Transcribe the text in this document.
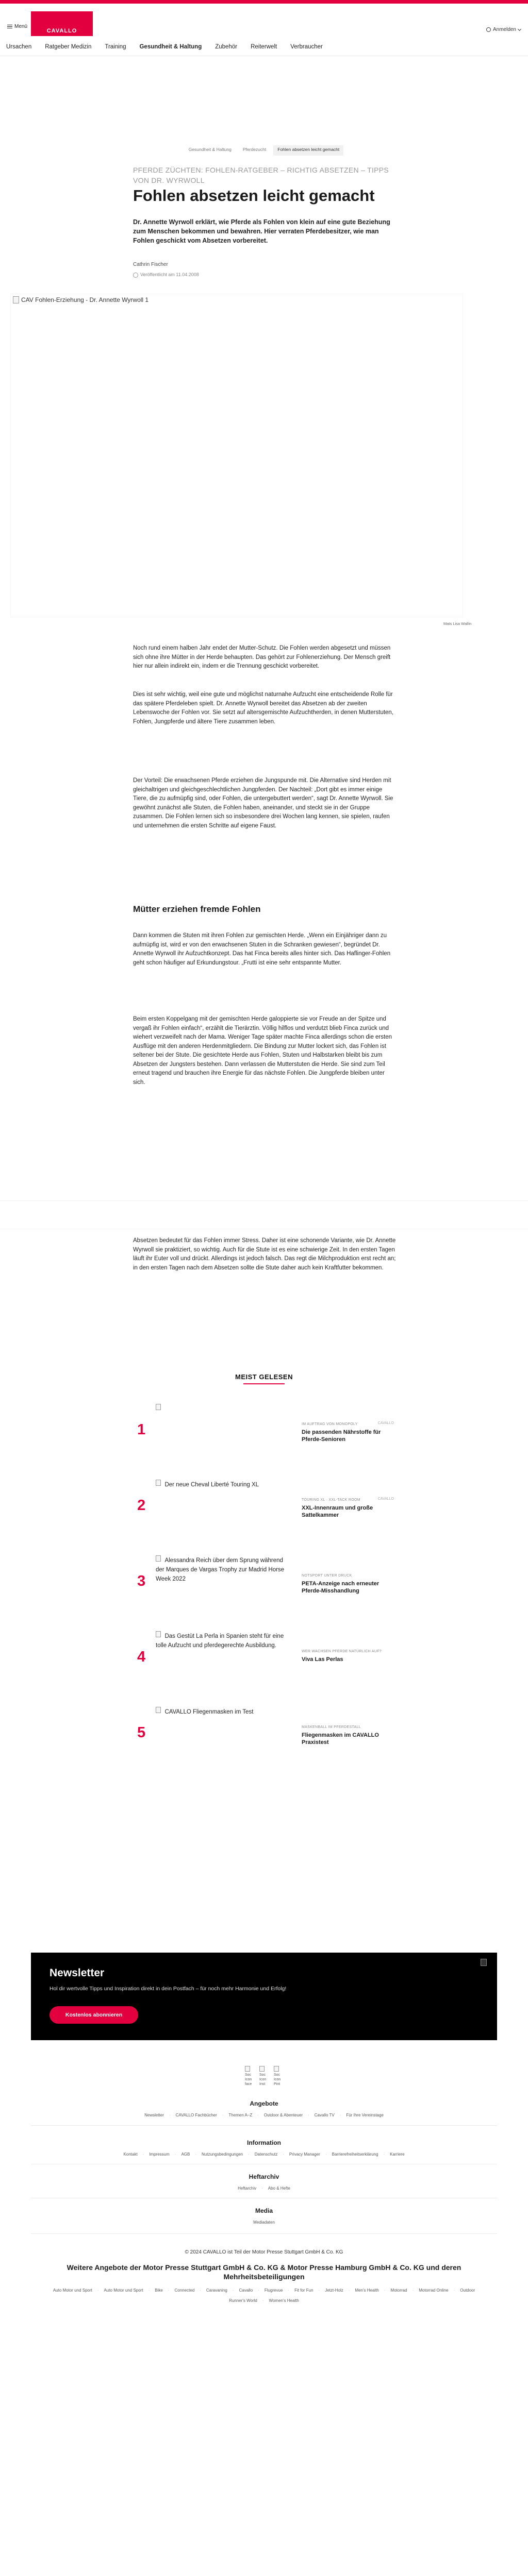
Menü
CAVALLO	Anmelden
Ursachen Ratgeber Medizin Training Gesundheit & Haltung Zubehör Reiterwelt Verbraucher
Gesundheit & Haltung	Pferdezucht	Fohlen absetzen leicht gemacht
PFERDE ZÜCHTEN: FOHLEN-RATGEBER – RICHTIG ABSETZEN – TIPPS VON DR. WYRWOLL
Fohlen absetzen leicht gemacht

Dr. Annette Wyrwoll erklärt, wie Pferde als Fohlen von klein auf eine gute Beziehung zum Menschen bekommen und bewahren. Hier verraten Pferdebesitzer, wie man Fohlen geschickt vom Absetzen vorbereitet.

Cathrin Fischer
Veröffentlicht am 11.04.2008
CAV Fohlen-Erziehung - Dr. Annette Wyrwoll 1
Mats Lisa Wallin

Noch rund einem halben Jahr endet der Mutter-Schutz. Die Fohlen werden abgesetzt und müssen sich ohne ihre Mütter in der Herde behaupten. Das gehört zur Fohlenerziehung. Der Mensch greift hier nur allein indirekt ein, indem er die Trennung geschickt vorbereitet.

Dies ist sehr wichtig, weil eine gute und möglichst naturnahe Aufzucht eine entscheidende Rolle für das spätere Pferdeleben spielt. Dr. Annette Wyrwoll bereitet das Absetzen ab der zweiten Lebenswoche der Fohlen vor. Sie setzt auf altersgemischte Aufzuchtherden, in denen Mutterstuten, Fohlen, Jungpferde und ältere Tiere zusammen leben.

Der Vorteil: Die erwachsenen Pferde erziehen die Jungspunde mit. Die Alternative sind Herden mit gleichaltrigen und gleichgeschlechtlichen Jungpferden. Der Nachteil: „Dort gibt es immer einige Tiere, die zu aufmüpfig sind, oder Fohlen, die untergebuttert werden“, sagt Dr. Annette Wyrwoll. Sie gewöhnt zunächst alle Stuten, die Fohlen haben, aneinander, und steckt sie in der Gruppe zusammen. Die Fohlen lernen sich so insbesondere drei Wochen lang kennen, sie spielen, raufen und unternehmen die ersten Schritte auf eigene Faust.

Mütter erziehen fremde Fohlen

Dann kommen die Stuten mit ihren Fohlen zur gemischten Herde. „Wenn ein Einjähriger dann zu aufmüpfig ist, wird er von den erwachsenen Stuten in die Schranken gewiesen“, begründet Dr. Annette Wyrwoll ihr Aufzuchtkonzept. Das hat Finca bereits alles hinter sich. Das Haflinger-Fohlen geht schon häufiger auf Erkundungstour. „Frutti ist eine sehr entspannte Mutter.

Beim ersten Koppelgang mit der gemischten Herde galoppierte sie vor Freude an der Spitze und vergaß ihr Fohlen einfach“, erzählt die Tierärztin. Völlig hilflos und verdutzt blieb Finca zurück und wiehert verzweifelt nach der Mama. Weniger Tage später machte Finca allerdings schon die ersten Ausflüge mit den anderen Herdenmitgliedern. Die Bindung zur Mutter lockert sich, das Fohlen ist seltener bei der Stute. Die gesichtete Herde aus Fohlen, Stuten und Halbstarken bleibt bis zum Absetzen der Jungsters bestehen. Dann verlassen die Mutterstuten die Herde. Sie sind zum Teil erneut tragend und brauchen ihre Energie für das nächste Fohlen. Die Jungpferde bleiben unter sich.

Absetzen bedeutet für das Fohlen immer Stress. Daher ist eine schonende Variante, wie Dr. Annette Wyrwoll sie praktiziert, so wichtig. Auch für die Stute ist es eine schwierige Zeit. In den ersten Tagen läuft ihr Euter voll und drückt. Allerdings ist jedoch falsch. Das regt die Milchproduktion erst recht an; in den ersten Tagen nach dem Absetzen sollte die Stute daher auch kein Kraftfutter bekommen.

MEIST GELESEN
1	IM AUFTRAG VON MONOPOLY	CAVALLO
Die passenden Nährstoffe für Pferde-Senioren
2
Der neue Cheval Liberté Touring XL
TOURING XL · XXL-TACK ROOM	CAVALLO
XXL-Innenraum und große Sattelkammer
3
Alessandra Reich über dem Sprung während der Marques de Vargas Trophy zur Madrid Horse Week 2022
NOTSPORT UNTER DRUCK
PETA-Anzeige nach erneuter Pferde-Misshandlung
4
Das Gestüt La Perla in Spanien steht für eine tolle Aufzucht und pferdegerechte Ausbildung.
WER WACHSEN PFERDE NATÜRLICH AUF?
Viva Las Perlas
5
CAVALLO Fliegenmasken im Test
MASKENBALL IM PFERDESTALL
Fliegenmasken im CAVALLO Praxistest
Newsletter
Hol dir wertvolle Tipps und Inspiration direkt in dein Postfach – für noch mehr Harmonie und Erfolg!
Kostenlos abonnieren
Soc Icon face
Soc Icon Inst
Soc Icon Pint
Angebote
Newsletter · CAVALLO Fachbücher · Themen A–Z · Outdoor & Abenteuer · Cavallo TV · Für Ihre Vereinstage
Information
Kontakt · Impressum · AGB · Nutzungsbedingungen · Datenschutz · Privacy Manager · Barrierefreiheitserklärung · Karriere
Heftarchiv
Heftarchiv · Abo & Hefte
Media
Mediadaten
© 2024 CAVALLO ist Teil der Motor Presse Stuttgart GmbH & Co. KG
Weitere Angebote der Motor Presse Stuttgart GmbH & Co. KG & Motor Presse Hamburg GmbH & Co. KG und deren Mehrheitsbeteiligungen
Auto Motor und Sport · Auto Motor und Sport · Bike · Connected · Caravaning · Cavallo · Flugrevue · Fit for Fun · Jetzt-Holz · Men's Health · Motorrad · Motorrad Online · Outdoor
Runner's World · Women's Health
